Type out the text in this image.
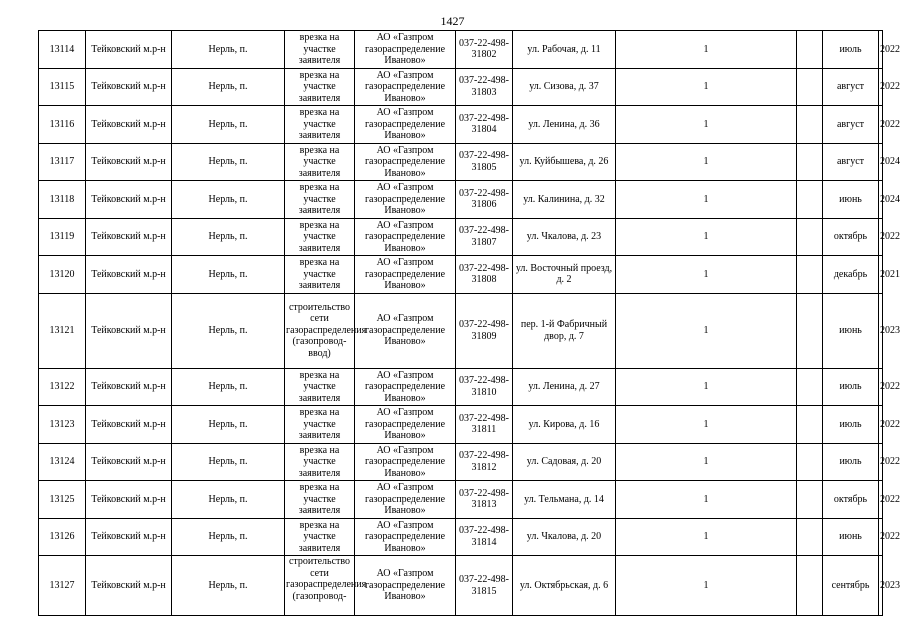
1427
13114	Тейковский м.р-н	Нерль, п.	врезка на участке заявителя	АО «Газпром газораспределение Иваново»	037-22-498-31802	ул. Рабочая, д. 11	1		июль	2022
13115	Тейковский м.р-н	Нерль, п.	врезка на участке заявителя	АО «Газпром газораспределение Иваново»	037-22-498-31803	ул. Сизова, д. 37	1		август	2022
13116	Тейковский м.р-н	Нерль, п.	врезка на участке заявителя	АО «Газпром газораспределение Иваново»	037-22-498-31804	ул. Ленина, д. 36	1		август	2022
13117	Тейковский м.р-н	Нерль, п.	врезка на участке заявителя	АО «Газпром газораспределение Иваново»	037-22-498-31805	ул. Куйбышева, д. 26	1		август	2024
13118	Тейковский м.р-н	Нерль, п.	врезка на участке заявителя	АО «Газпром газораспределение Иваново»	037-22-498-31806	ул. Калинина, д. 32	1		июнь	2024
13119	Тейковский м.р-н	Нерль, п.	врезка на участке заявителя	АО «Газпром газораспределение Иваново»	037-22-498-31807	ул. Чкалова, д. 23	1		октябрь	2022
13120	Тейковский м.р-н	Нерль, п.	врезка на участке заявителя	АО «Газпром газораспределение Иваново»	037-22-498-31808	ул. Восточный проезд, д. 2	1		декабрь	2021
13121	Тейковский м.р-н	Нерль, п.	строительство сети газораспределения (газопровод-ввод)	АО «Газпром газораспределение Иваново»	037-22-498-31809	пер. 1-й Фабричный двор, д. 7	1		июнь	2023
13122	Тейковский м.р-н	Нерль, п.	врезка на участке заявителя	АО «Газпром газораспределение Иваново»	037-22-498-31810	ул. Ленина, д. 27	1		июль	2022
13123	Тейковский м.р-н	Нерль, п.	врезка на участке заявителя	АО «Газпром газораспределение Иваново»	037-22-498-31811	ул. Кирова, д. 16	1		июль	2022
13124	Тейковский м.р-н	Нерль, п.	врезка на участке заявителя	АО «Газпром газораспределение Иваново»	037-22-498-31812	ул. Садовая, д. 20	1		июль	2022
13125	Тейковский м.р-н	Нерль, п.	врезка на участке заявителя	АО «Газпром газораспределение Иваново»	037-22-498-31813	ул. Тельмана, д. 14	1		октябрь	2022
13126	Тейковский м.р-н	Нерль, п.	врезка на участке заявителя	АО «Газпром газораспределение Иваново»	037-22-498-31814	ул. Чкалова, д. 20	1		июнь	2022
13127	Тейковский м.р-н	Нерль, п.	строительство сети газораспределения (газопровод-	АО «Газпром газораспределение Иваново»	037-22-498-31815	ул. Октябрьская, д. 6	1		сентябрь	2023
